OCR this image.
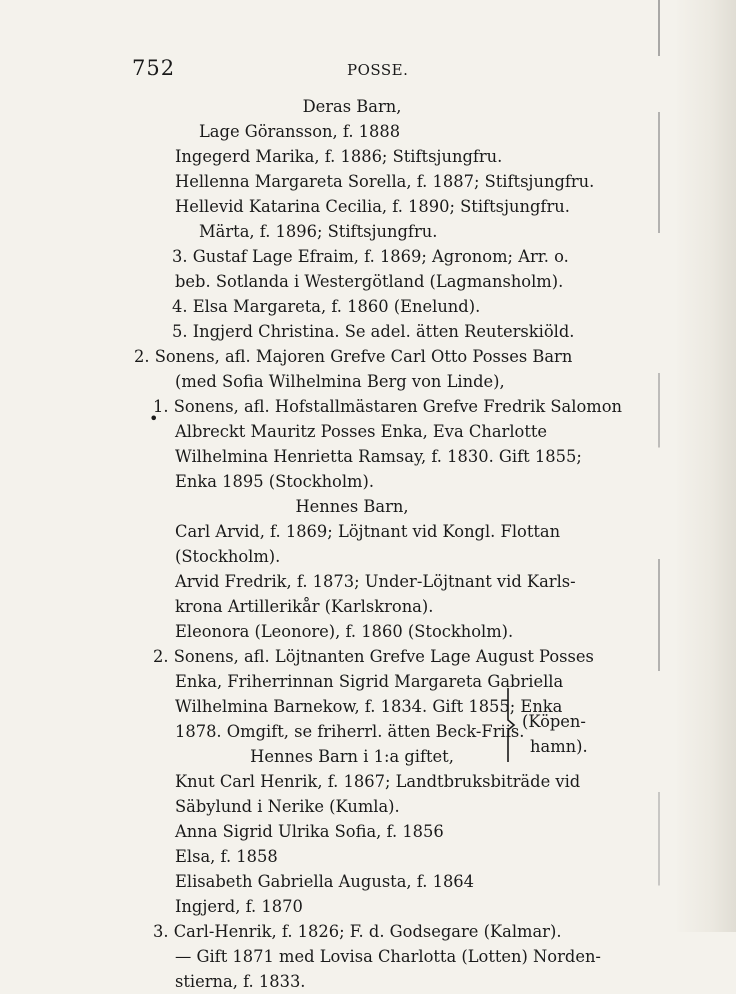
752	POSSE.
Deras Barn,
Lage Göransson, f. 1888
Ingegerd Marika, f. 1886; Stiftsjungfru.
Hellenna Margareta Sorella, f. 1887; Stiftsjungfru.
Hellevid Katarina Cecilia, f. 1890; Stiftsjungfru.
Märta, f. 1896; Stiftsjungfru.
3. Gustaf Lage Efraim, f. 1869; Agronom; Arr. o.
beb. Sotlanda i Westergötland (Lagmansholm).
4. Elsa Margareta, f. 1860 (Enelund).
5. Ingjerd Christina. Se adel. ätten Reuterskiöld.
2. Sonens, afl. Majoren Grefve Carl Otto Posses Barn
(med Sofia Wilhelmina Berg von Linde),
1. Sonens, afl. Hofstallmästaren Grefve Fredrik Salomon
Albreckt Mauritz Posses Enka, Eva Charlotte
Wilhelmina Henrietta Ramsay, f. 1830. Gift 1855;
Enka 1895 (Stockholm).
Hennes Barn,
Carl Arvid, f. 1869; Löjtnant vid Kongl. Flottan
(Stockholm).
Arvid Fredrik, f. 1873; Under-Löjtnant vid Karls-
krona Artillerikår (Karlskrona).
Eleonora (Leonore), f. 1860 (Stockholm).
2. Sonens, afl. Löjtnanten Grefve Lage August Posses
Enka, Friherrinnan Sigrid Margareta Gabriella
Wilhelmina Barnekow, f. 1834. Gift 1855; Enka
1878. Omgift, se friherrl. ätten Beck-Friis.
Hennes Barn i 1:a giftet,
Knut Carl Henrik, f. 1867; Landtbruksbiträde vid
Säbylund i Nerike (Kumla).
Anna Sigrid Ulrika Sofia, f. 1856
Elsa, f. 1858
Elisabeth Gabriella Augusta, f. 1864
Ingjerd, f. 1870
3. Carl-Henrik, f. 1826; F. d. Godsegare (Kalmar).
— Gift 1871 med Lovisa Charlotta (Lotten) Norden-
stierna, f. 1833.
•
(Köpen-
hamn).
